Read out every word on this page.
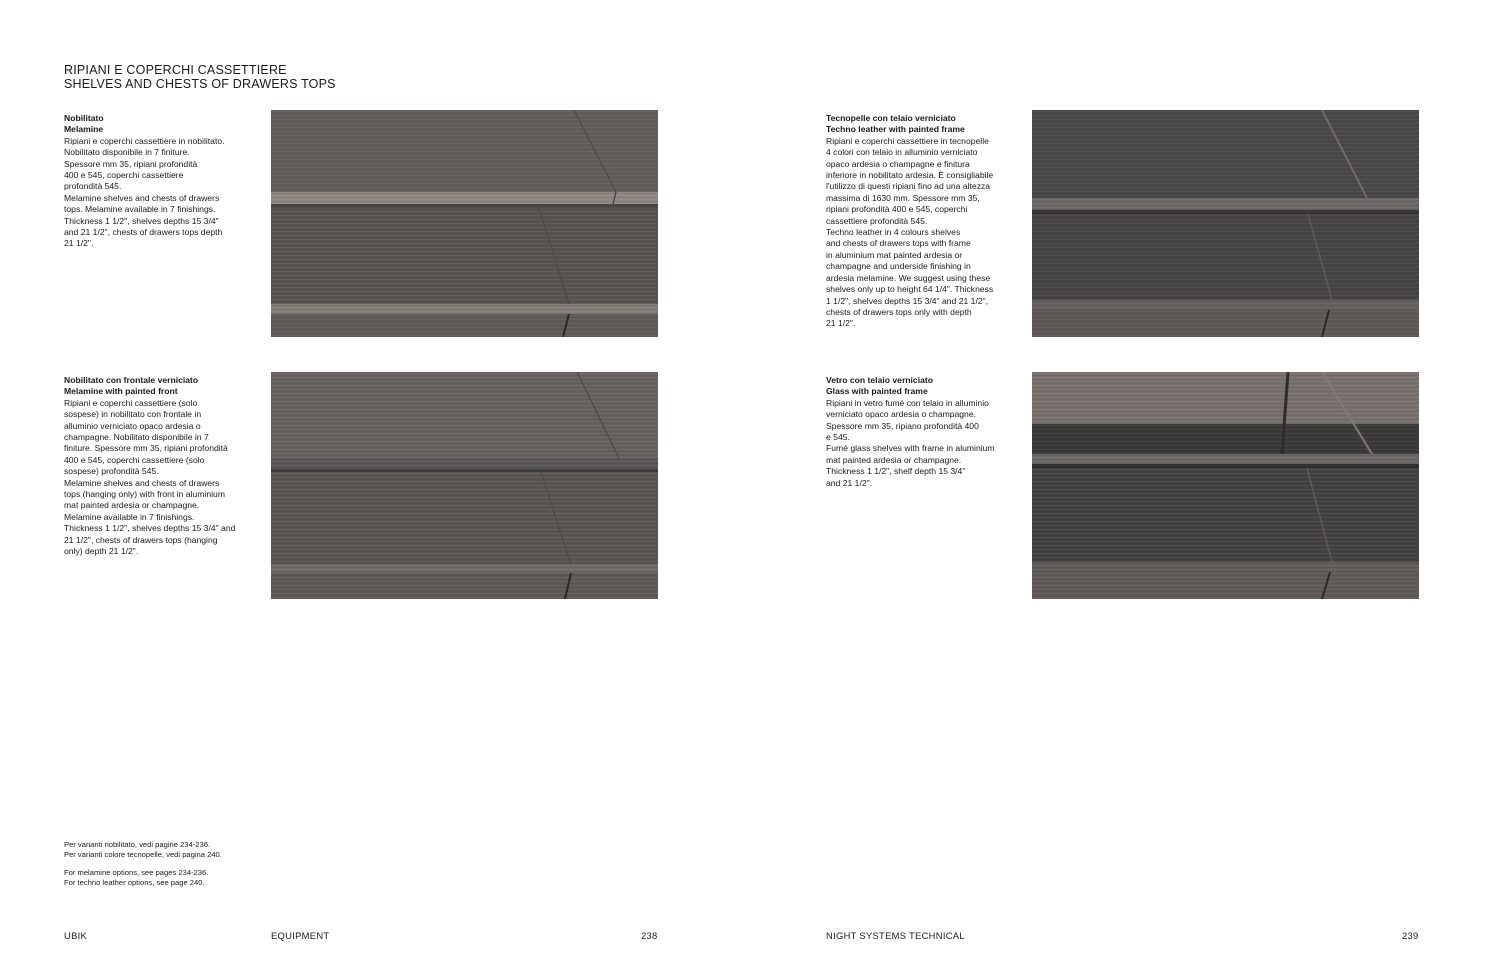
RIPIANI E COPERCHI CASSETTIERE
SHELVES AND CHESTS OF DRAWERS TOPS
Nobilitato
Melamine
Ripiani e coperchi cassettiere in nobilitato.
Nobilitato disponibile in 7 finiture.
Spessore mm 35, ripiani profondità
400 e 545, coperchi cassettiere
profondità 545.
Melamine shelves and chests of drawers
tops. Melamine available in 7 finishings.
Thickness 1 1/2", shelves depths 15 3/4"
and 21 1/2", chests of drawers tops depth
21 1/2".
Nobilitato con frontale verniciato
Melamine with painted front
Ripiani e coperchi cassettiere (solo
sospese) in nobilitato con frontale in
alluminio verniciato opaco ardesia o
champagne. Nobilitato disponibile in 7
finiture. Spessore mm 35, ripiani profondità
400 e 545, coperchi cassettiere (solo
sospese) profondità 545.
Melamine shelves and chests of drawers
tops (hanging only) with front in aluminium
mat painted ardesia or champagne.
Melamine available in 7 finishings.
Thickness 1 1/2", shelves depths 15 3/4" and
21 1/2", chests of drawers tops (hanging
only) depth 21 1/2".
Tecnopelle con telaio verniciato
Techno leather with painted frame
Ripiani e coperchi cassettiere in tecnopelle
4 colori con telaio in alluminio verniciato
opaco ardesia o champagne e finitura
inferiore in nobilitato ardesia. È consigliabile
l'utilizzo di questi ripiani fino ad una altezza
massima di 1630 mm. Spessore mm 35,
ripiani profondità 400 e 545, coperchi
cassettiere profondità 545.
Techno leather in 4 colours shelves
and chests of drawers tops with frame
in aluminium mat painted ardesia or
champagne and underside finishing in
ardesia melamine. We suggest using these
shelves only up to height 64 1/4". Thickness
1 1/2", shelves depths 15 3/4" and 21 1/2",
chests of drawers tops only with depth
21 1/2".
Vetro con telaio verniciato
Glass with painted frame
Ripiani in vetro fumé con telaio in alluminio
verniciato opaco ardesia o champagne.
Spessore mm 35, ripiano profondità 400
e 545.
Fumé glass shelves with frame in aluminium
mat painted ardesia or champagne.
Thickness 1 1/2", shelf depth 15 3/4"
and 21 1/2".
Per varianti nobilitato, vedi pagine 234-236.
Per varianti colore tecnopelle, vedi pagina 240.
For melamine options, see pages 234-236.
For techno leather options, see page 240.
UBIK	EQUIPMENT	238	NIGHT SYSTEMS TECHNICAL	239
